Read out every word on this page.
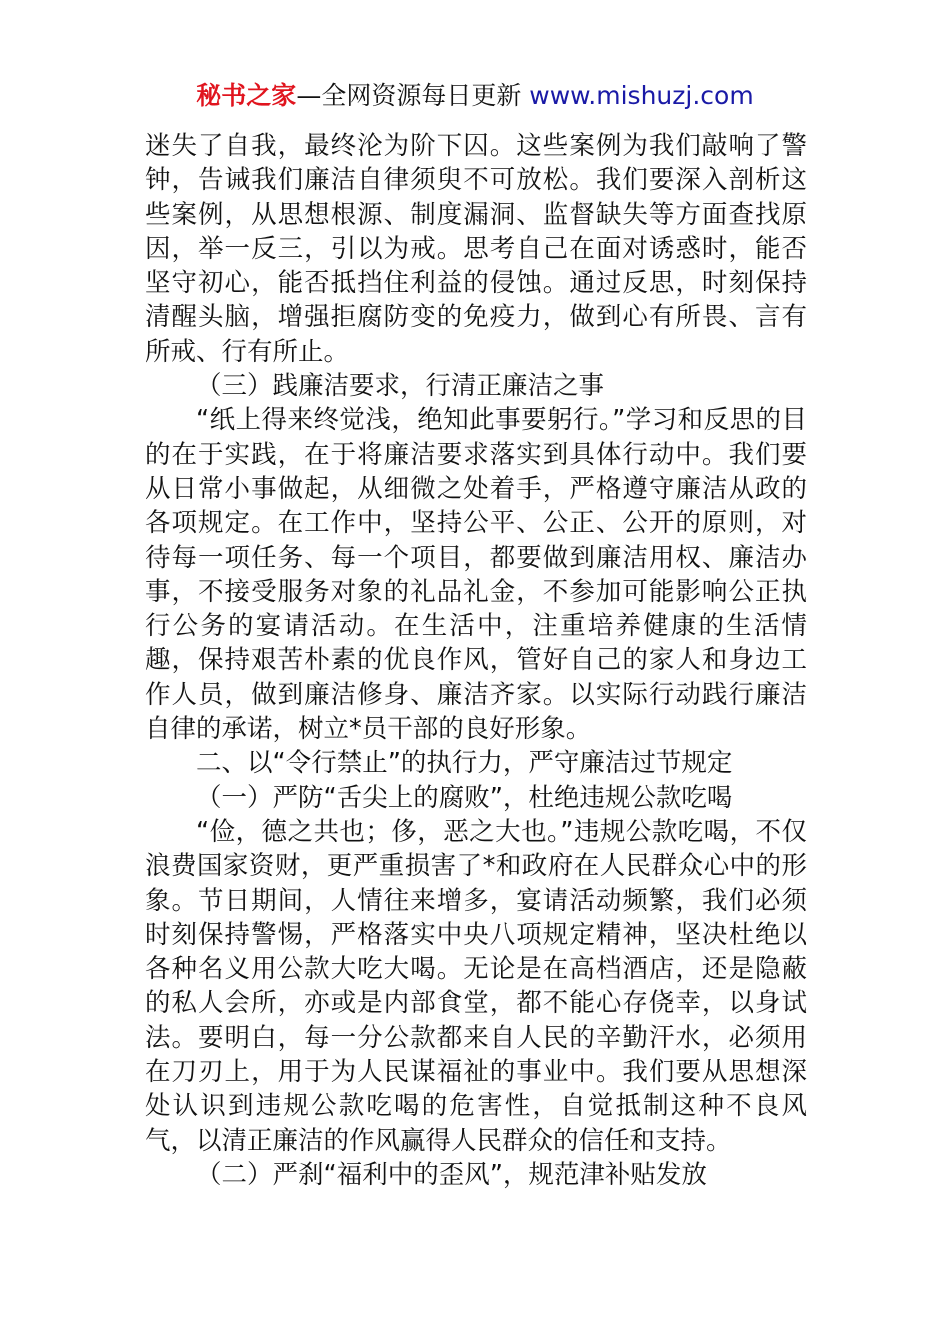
秘书之家—全网资源每日更新 www.mishuzj.com

迷失了自我，最终沦为阶下囚。这些案例为我们敲响了警钟，告诫我们廉洁自律须臾不可放松。我们要深入剖析这些案例，从思想根源、制度漏洞、监督缺失等方面查找原因，举一反三，引以为戒。思考自己在面对诱惑时，能否坚守初心，能否抵挡住利益的侵蚀。通过反思，时刻保持清醒头脑，增强拒腐防变的免疫力，做到心有所畏、言有所戒、行有所止。

（三）践廉洁要求，行清正廉洁之事

“纸上得来终觉浅，绝知此事要躬行。”学习和反思的目的在于实践，在于将廉洁要求落实到具体行动中。我们要从日常小事做起，从细微之处着手，严格遵守廉洁从政的各项规定。在工作中，坚持公平、公正、公开的原则，对待每一项任务、每一个项目，都要做到廉洁用权、廉洁办事，不接受服务对象的礼品礼金，不参加可能影响公正执行公务的宴请活动。在生活中，注重培养健康的生活情趣，保持艰苦朴素的优良作风，管好自己的家人和身边工作人员，做到廉洁修身、廉洁齐家。以实际行动践行廉洁自律的承诺，树立*员干部的良好形象。

二、以“令行禁止”的执行力，严守廉洁过节规定

（一）严防“舌尖上的腐败”，杜绝违规公款吃喝

“俭，德之共也；侈，恶之大也。”违规公款吃喝，不仅浪费国家资财，更严重损害了*和政府在人民群众心中的形象。节日期间，人情往来增多，宴请活动频繁，我们必须时刻保持警惕，严格落实中央八项规定精神，坚决杜绝以各种名义用公款大吃大喝。无论是在高档酒店，还是隐蔽的私人会所，亦或是内部食堂，都不能心存侥幸，以身试法。要明白，每一分公款都来自人民的辛勤汗水，必须用在刀刃上，用于为人民谋福祉的事业中。我们要从思想深处认识到违规公款吃喝的危害性，自觉抵制这种不良风气，以清正廉洁的作风赢得人民群众的信任和支持。

（二）严刹“福利中的歪风”，规范津补贴发放
